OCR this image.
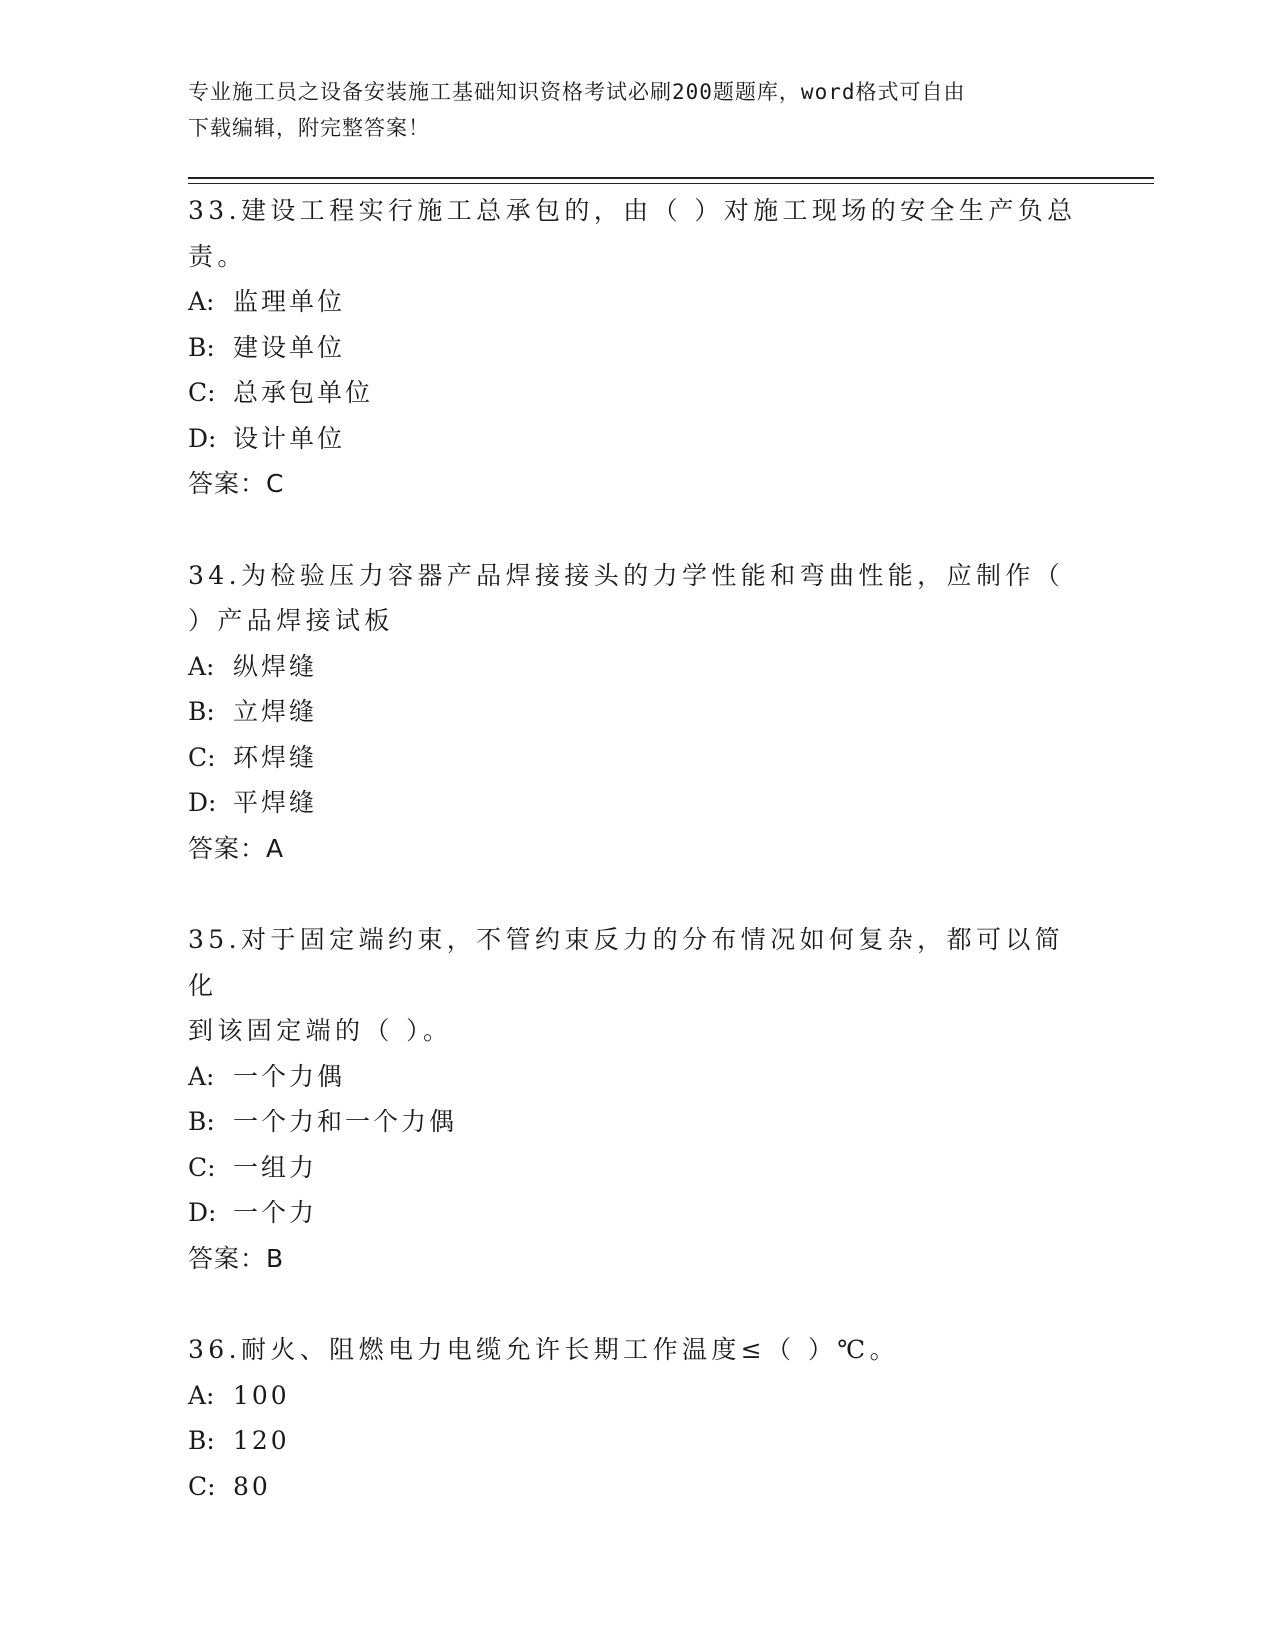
专业施工员之设备安装施工基础知识资格考试必刷200题题库，word格式可自由
下载编辑，附完整答案！

33.建设工程实行施工总承包的，由（ ）对施工现场的安全生产负总

责。

A: 监理单位

B: 建设单位

C: 总承包单位

D: 设计单位

答案：C

34.为检验压力容器产品焊接接头的力学性能和弯曲性能，应制作（

）产品焊接试板

A: 纵焊缝

B: 立焊缝

C: 环焊缝

D: 平焊缝

答案：A

35.对于固定端约束，不管约束反力的分布情况如何复杂，都可以简化

到该固定端的（ ）。

A: 一个力偶

B: 一个力和一个力偶

C: 一组力

D: 一个力

答案：B

36.耐火、阻燃电力电缆允许长期工作温度≤（ ）℃。

A: 100

B: 120

C: 80
